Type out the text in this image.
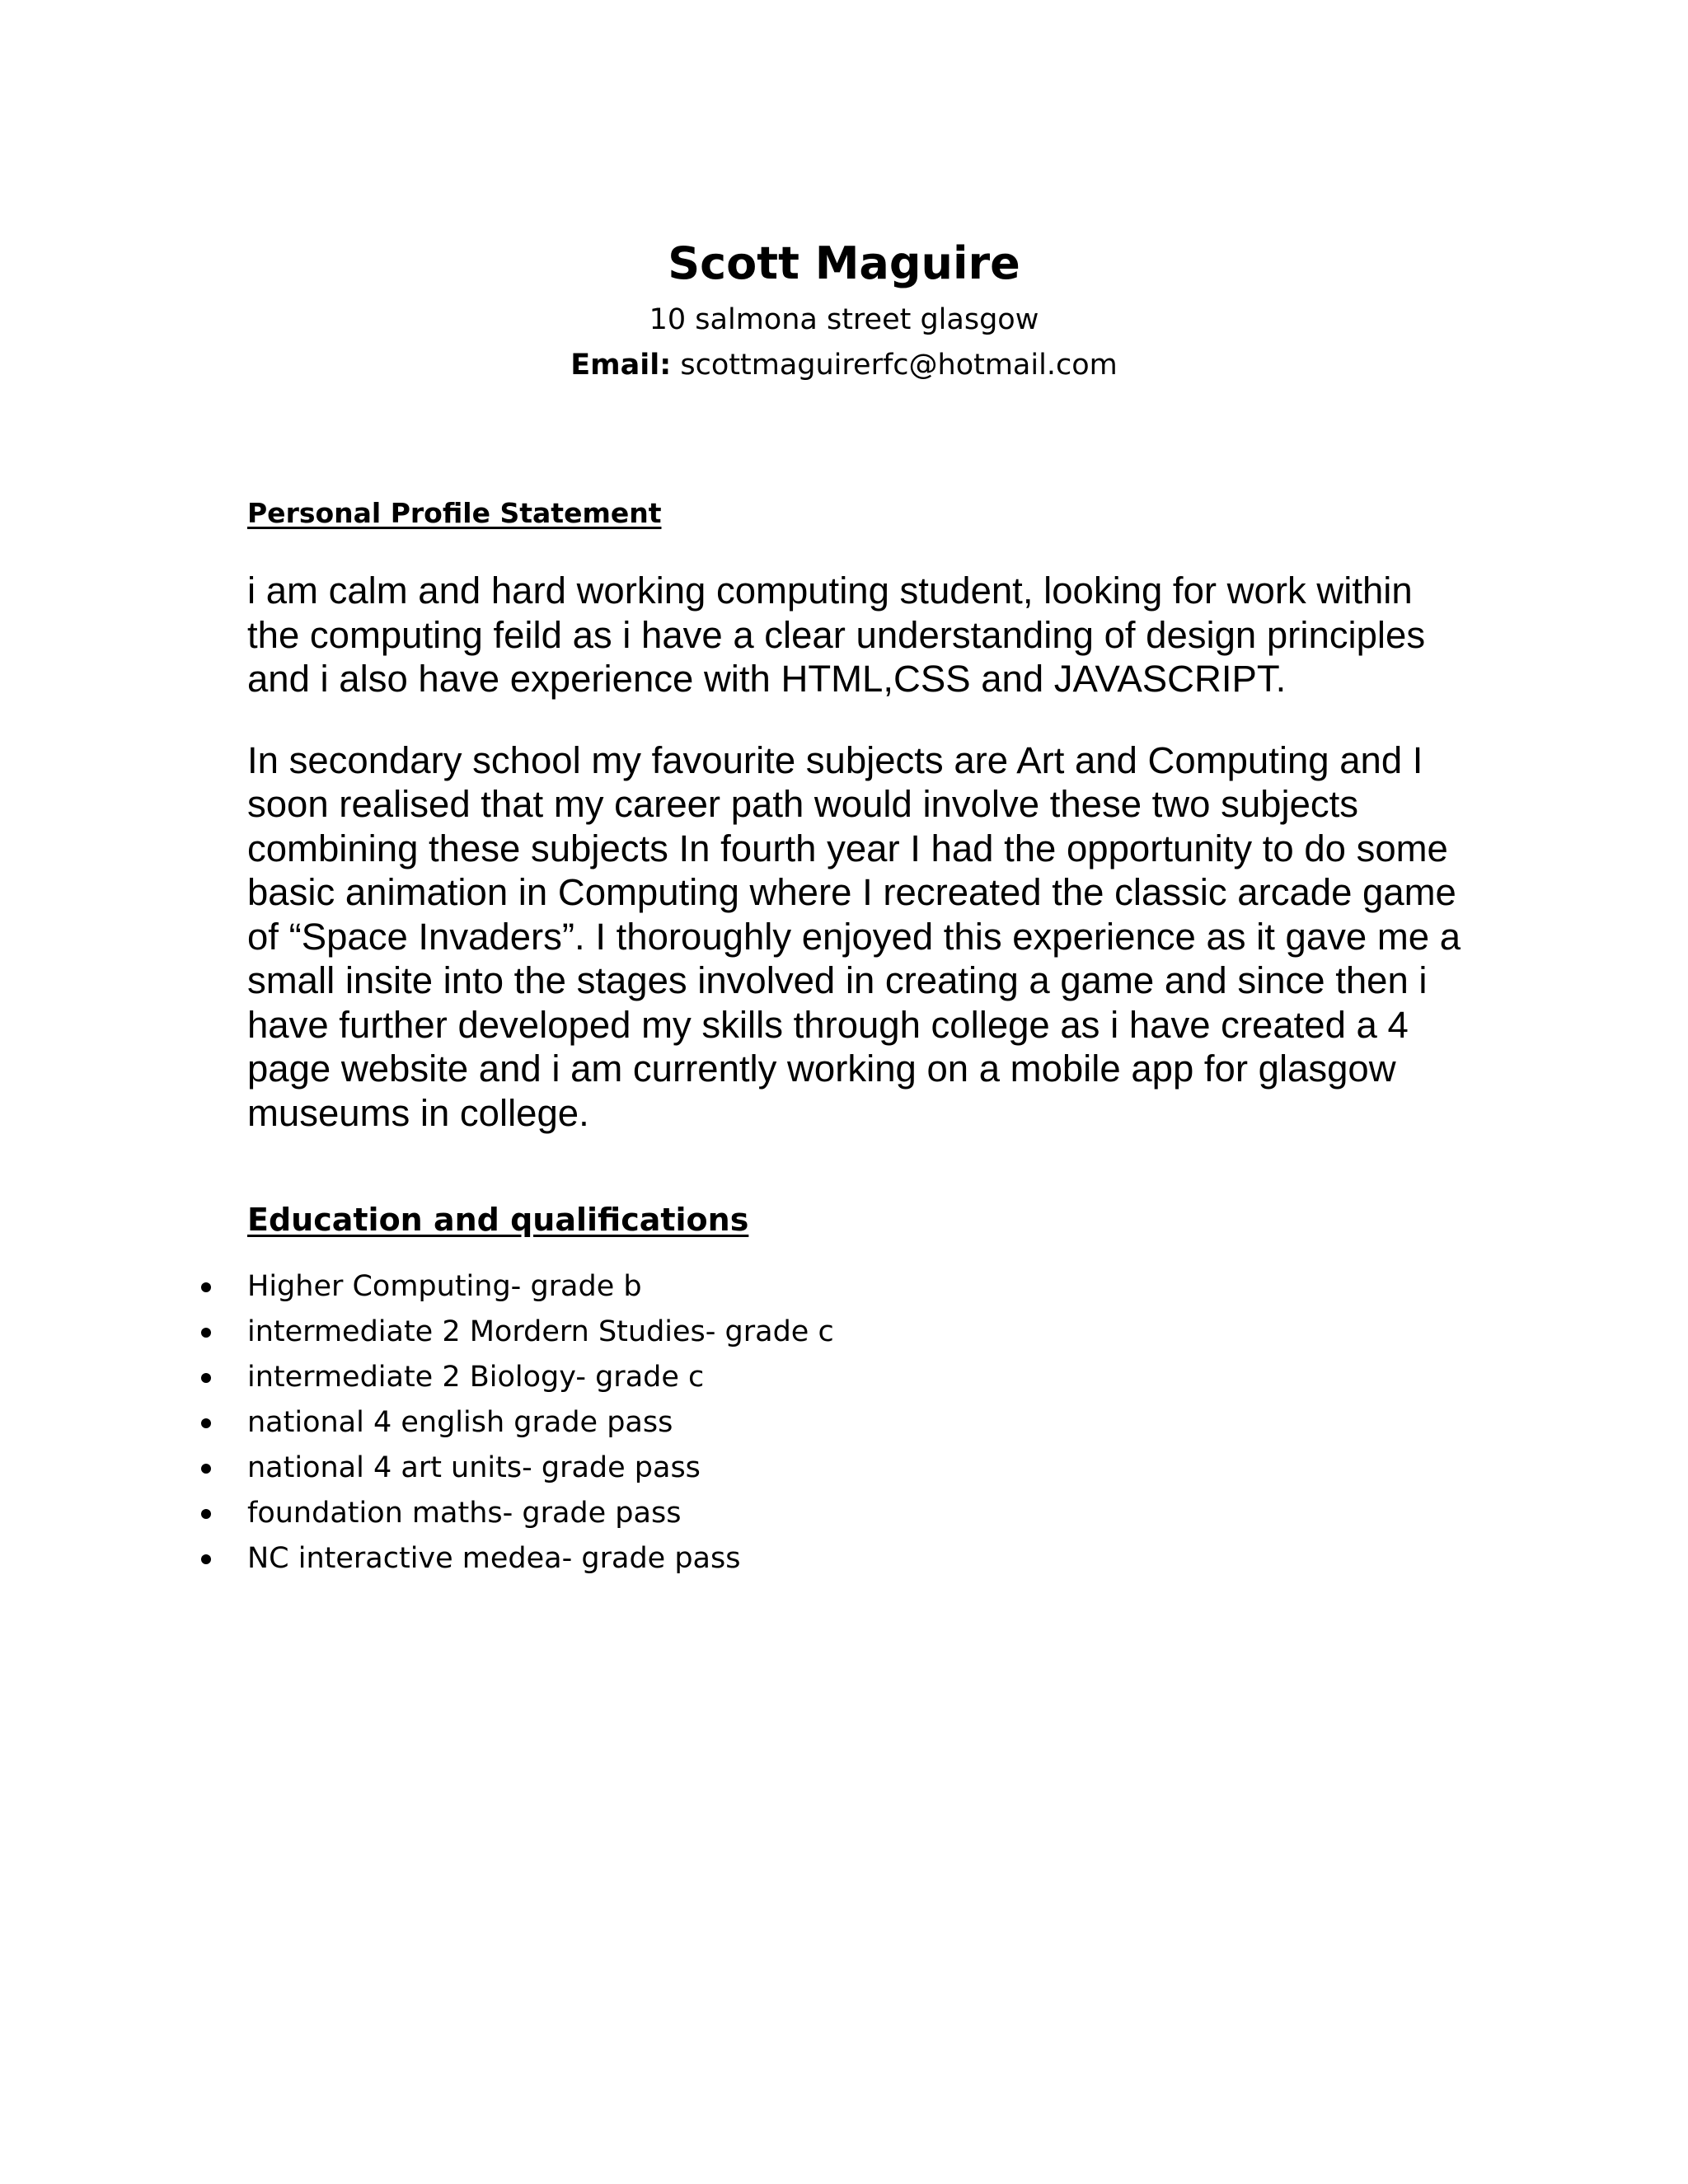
Scott Maguire
10 salmona street glasgow
Email: scottmaguirerfc@hotmail.com
Personal Profile Statement

i am calm and hard working computing student, looking for work within the computing feild as i have a clear understanding of design principles and i also have experience with HTML,CSS and JAVASCRIPT.

In secondary school my favourite subjects are Art and Computing and I soon realised that my career path would involve these two subjects combining these subjects In fourth year I had the opportunity to do some basic animation in Computing where I recreated the classic arcade game of “Space Invaders”. I thoroughly enjoyed this experience as it gave me a small insite into the stages involved in creating a game and since then i have further developed my skills through college as i have created a 4 page website and i am currently working on a mobile app for glasgow museums in college.

Education and qualifications
Higher Computing- grade b
intermediate 2 Mordern Studies- grade c
intermediate 2 Biology- grade c
national 4 english grade pass
national 4 art units- grade pass
foundation maths- grade pass
NC interactive medea- grade pass
